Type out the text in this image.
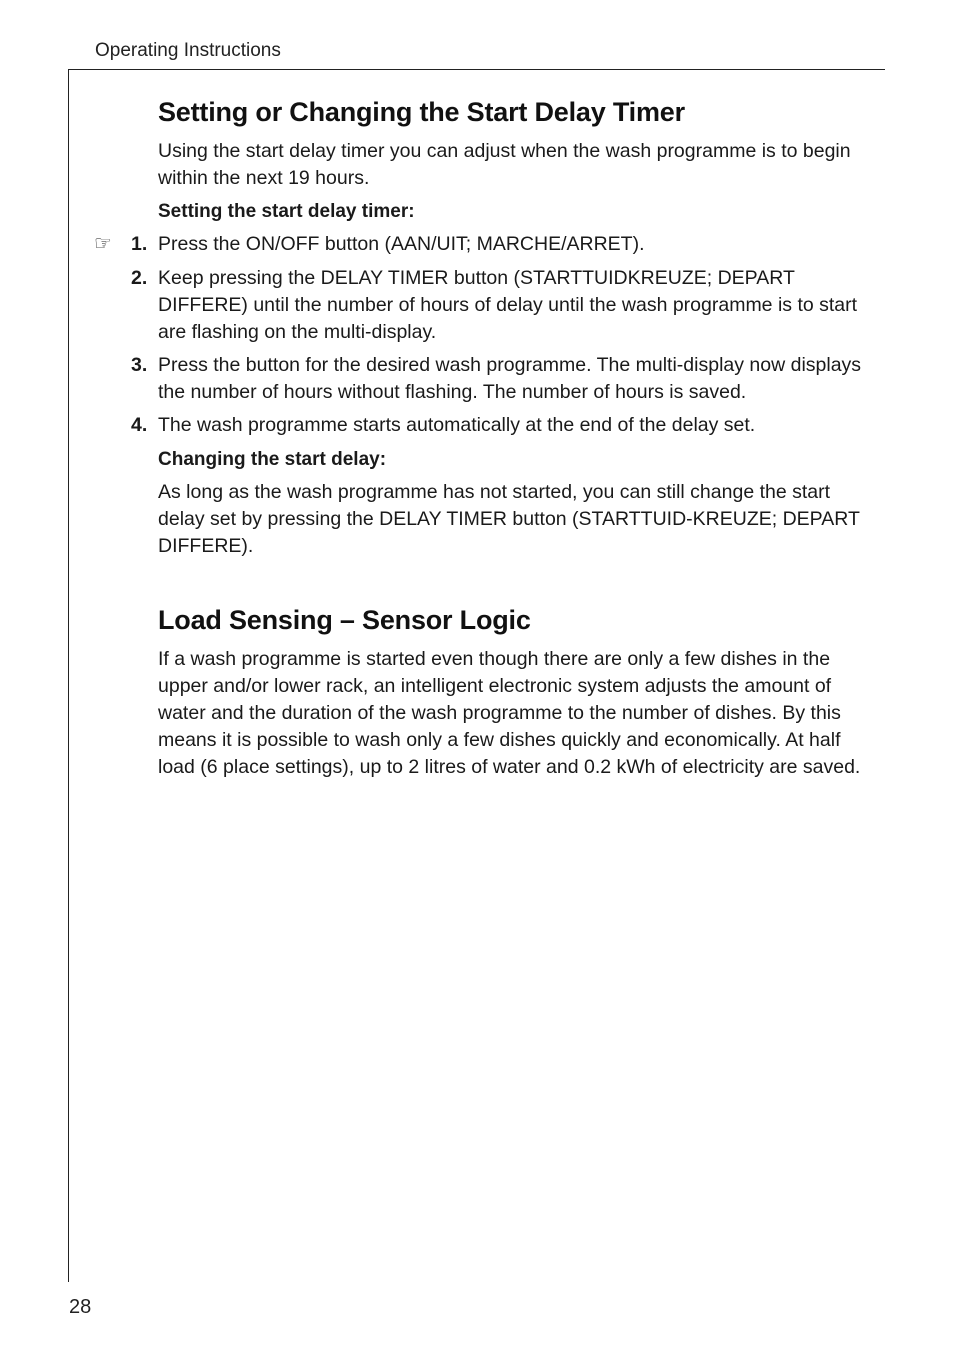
Operating Instructions
Setting or Changing the Start Delay Timer

Using the start delay timer you can adjust when the wash programme is to begin within the next 19 hours.

Setting the start delay timer:

☞ 1. Press the ON/OFF button (AAN/UIT; MARCHE/ARRET).
2. Keep pressing the DELAY TIMER button (STARTTUIDKREUZE; DEPART DIFFERE) until the number of hours of delay until the wash programme is to start are flashing on the multi-display.
3. Press the button for the desired wash programme. The multi-display now displays the number of hours without flashing. The number of hours is saved.
4. The wash programme starts automatically at the end of the delay set.

Changing the start delay:

As long as the wash programme has not started, you can still change the start delay set by pressing the DELAY TIMER button (STARTTUID-KREUZE; DEPART DIFFERE).

Load Sensing – Sensor Logic

If a wash programme is started even though there are only a few dishes in the upper and/or lower rack, an intelligent electronic system adjusts the amount of water and the duration of the wash programme to the number of dishes. By this means it is possible to wash only a few dishes quickly and economically. At half load (6 place settings), up to 2 litres of water and 0.2 kWh of electricity are saved.

28
